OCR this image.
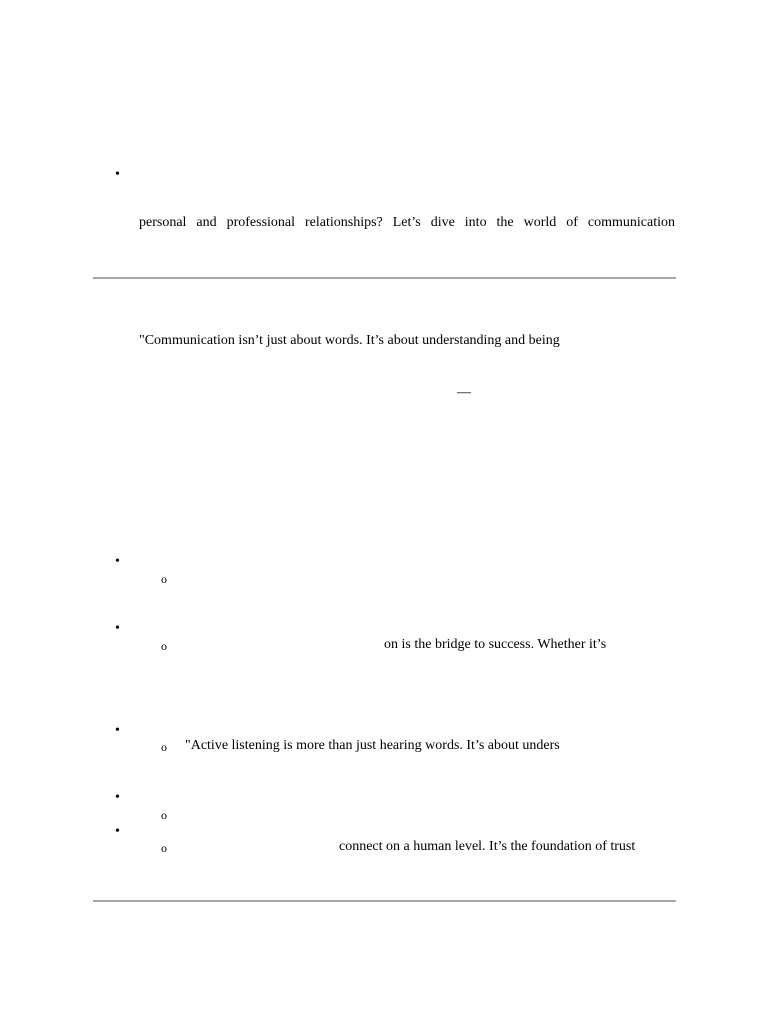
•
personal and professional relationships? Let’s dive into the world of communication
"Communication isn’t just about words. It’s about understanding and being
—
•
o
•
o	on is the bridge to success. Whether it’s
•
o "Active listening is more than just hearing words. It’s about unders
•
o
•
o	connect on a human level. It’s the foundation of trust
